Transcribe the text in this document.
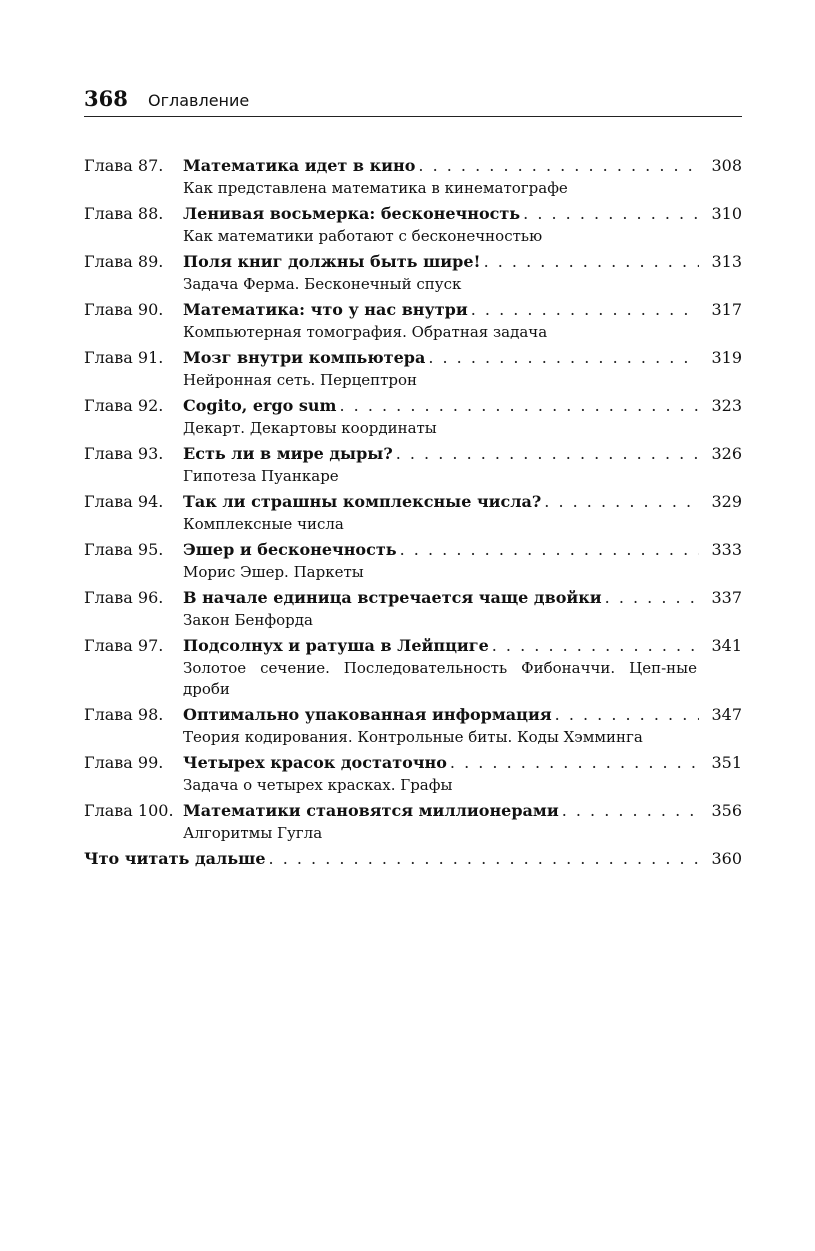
368 Оглавление
Глава 87.	Математика идет в кино . . .	308
Как представлена математика в кинематографе
Глава 88.	Ленивая восьмерка: бесконечность . . .	310
Как математики работают с бесконечностью
Глава 89.	Поля книг должны быть шире! . . .	313
Задача Ферма. Бесконечный спуск
Глава 90.	Математика: что у нас внутри . . .	317
Компьютерная томография. Обратная задача
Глава 91.	Мозг внутри компьютера . . .	319
Нейронная сеть. Перцептрон
Глава 92.	Cogito, ergo sum . . .	323
Декарт. Декартовы координаты
Глава 93.	Есть ли в мире дыры? . . .	326
Гипотеза Пуанкаре
Глава 94.	Так ли страшны комплексные числа? . . .	329
Комплексные числа
Глава 95.	Эшер и бесконечность . . .	333
Морис Эшер. Паркеты
Глава 96.	В начале единица встречается чаще двойки . . .	337
Закон Бенфорда
Глава 97.	Подсолнух и ратуша в Лейпциге . . .	341
Золотое сечение. Последовательность Фибоначчи. Цеп-ные дроби
Глава 98.	Оптимально упакованная информация . . .	347
Теория кодирования. Контрольные биты. Коды Хэмминга
Глава 99.	Четырех красок достаточно . . .	351
Задача о четырех красках. Графы
Глава 100. Математики становятся миллионерами . . .	356
Алгоритмы Гугла
Что читать дальше . . .	360
